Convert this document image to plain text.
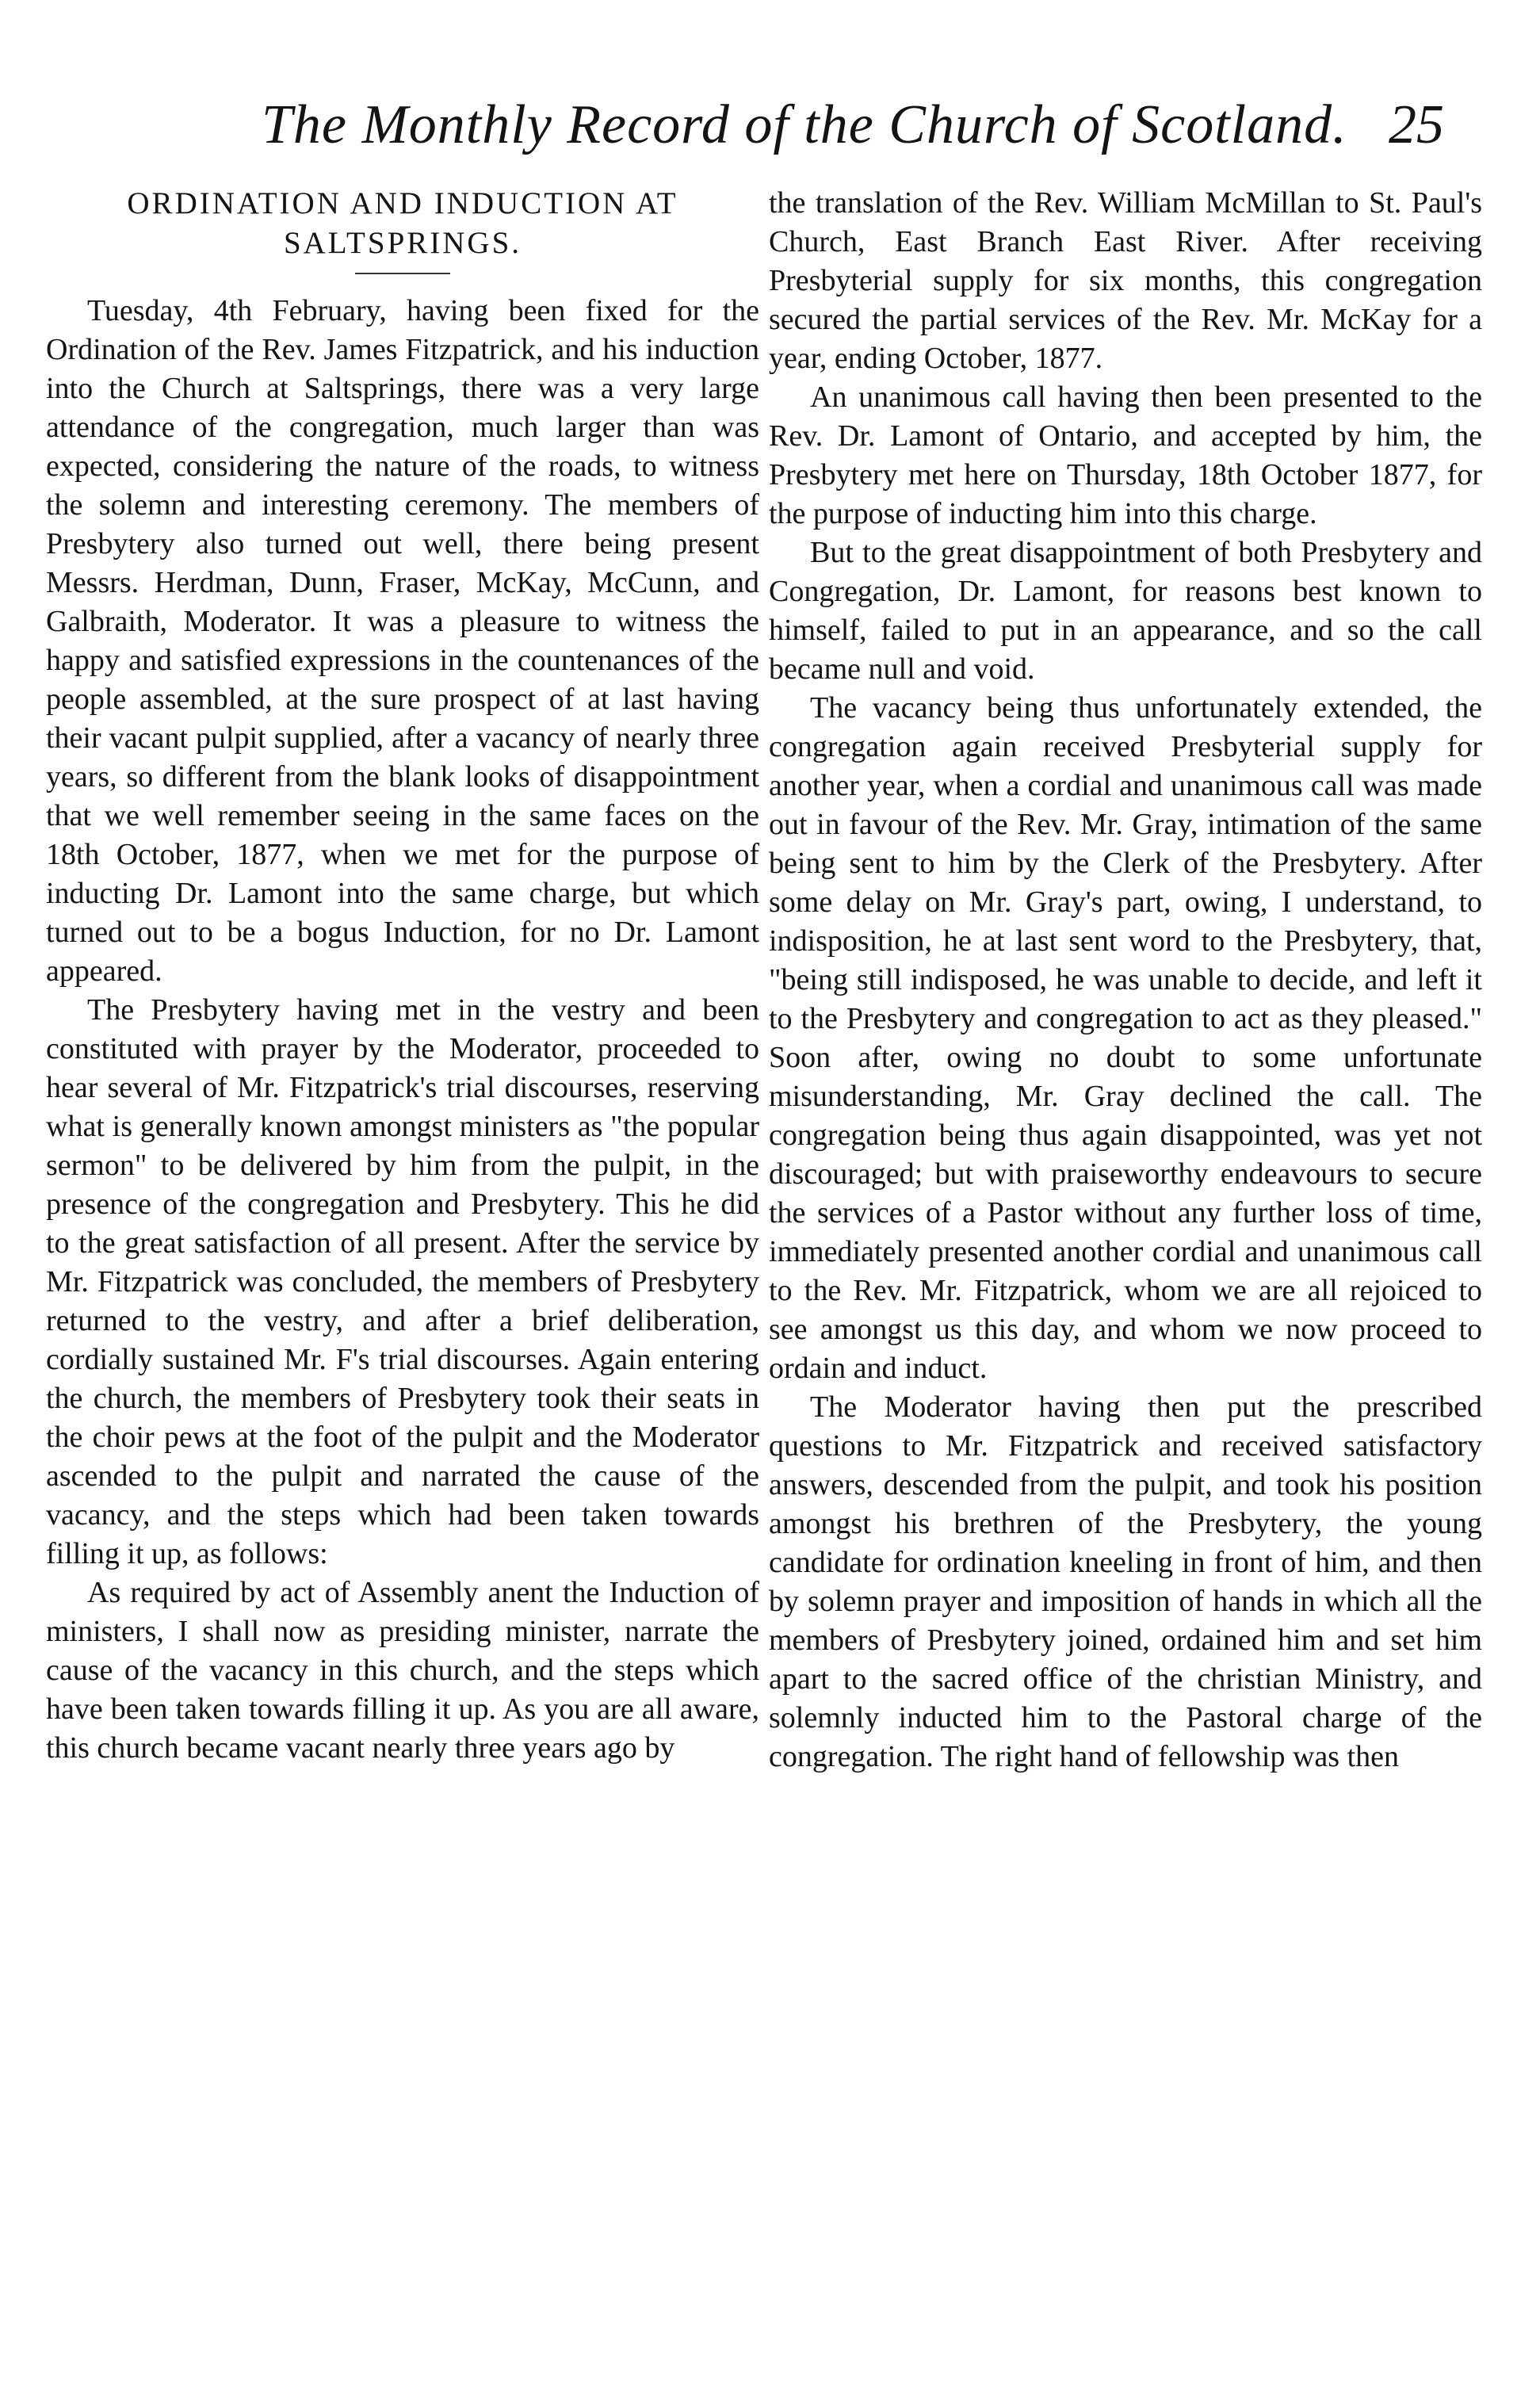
The Monthly Record of the Church of Scotland. 25
ORDINATION AND INDUCTION AT SALTSPRINGS.

Tuesday, 4th February, having been fixed for the Ordination of the Rev. James Fitzpatrick, and his induction into the Church at Saltsprings, there was a very large attendance of the congregation, much larger than was expected, considering the nature of the roads, to witness the solemn and interesting ceremony. The members of Presbytery also turned out well, there being present Messrs. Herdman, Dunn, Fraser, McKay, McCunn, and Galbraith, Moderator. It was a pleasure to witness the happy and satisfied expressions in the countenances of the people assembled, at the sure prospect of at last having their vacant pulpit supplied, after a vacancy of nearly three years, so different from the blank looks of disappointment that we well remember seeing in the same faces on the 18th October, 1877, when we met for the purpose of inducting Dr. Lamont into the same charge, but which turned out to be a bogus Induction, for no Dr. Lamont appeared.

The Presbytery having met in the vestry and been constituted with prayer by the Moderator, proceeded to hear several of Mr. Fitzpatrick's trial discourses, reserving what is generally known amongst ministers as "the popular sermon" to be delivered by him from the pulpit, in the presence of the congregation and Presbytery. This he did to the great satisfaction of all present. After the service by Mr. Fitzpatrick was concluded, the members of Presbytery returned to the vestry, and after a brief deliberation, cordially sustained Mr. F's trial discourses. Again entering the church, the members of Presbytery took their seats in the choir pews at the foot of the pulpit and the Moderator ascended to the pulpit and narrated the cause of the vacancy, and the steps which had been taken towards filling it up, as follows:

As required by act of Assembly anent the Induction of ministers, I shall now as presiding minister, narrate the cause of the vacancy in this church, and the steps which have been taken towards filling it up. As you are all aware, this church became vacant nearly three years ago by

the translation of the Rev. William McMillan to St. Paul's Church, East Branch East River. After receiving Presbyterial supply for six months, this congregation secured the partial services of the Rev. Mr. McKay for a year, ending October, 1877.

An unanimous call having then been presented to the Rev. Dr. Lamont of Ontario, and accepted by him, the Presbytery met here on Thursday, 18th October 1877, for the purpose of inducting him into this charge.

But to the great disappointment of both Presbytery and Congregation, Dr. Lamont, for reasons best known to himself, failed to put in an appearance, and so the call became null and void.

The vacancy being thus unfortunately extended, the congregation again received Presbyterial supply for another year, when a cordial and unanimous call was made out in favour of the Rev. Mr. Gray, intimation of the same being sent to him by the Clerk of the Presbytery. After some delay on Mr. Gray's part, owing, I understand, to indisposition, he at last sent word to the Presbytery, that, "being still indisposed, he was unable to decide, and left it to the Presbytery and congregation to act as they pleased." Soon after, owing no doubt to some unfortunate misunderstanding, Mr. Gray declined the call. The congregation being thus again disappointed, was yet not discouraged; but with praiseworthy endeavours to secure the services of a Pastor without any further loss of time, immediately presented another cordial and unanimous call to the Rev. Mr. Fitzpatrick, whom we are all rejoiced to see amongst us this day, and whom we now proceed to ordain and induct.

The Moderator having then put the prescribed questions to Mr. Fitzpatrick and received satisfactory answers, descended from the pulpit, and took his position amongst his brethren of the Presbytery, the young candidate for ordination kneeling in front of him, and then by solemn prayer and imposition of hands in which all the members of Presbytery joined, ordained him and set him apart to the sacred office of the christian Ministry, and solemnly inducted him to the Pastoral charge of the congregation. The right hand of fellowship was then
